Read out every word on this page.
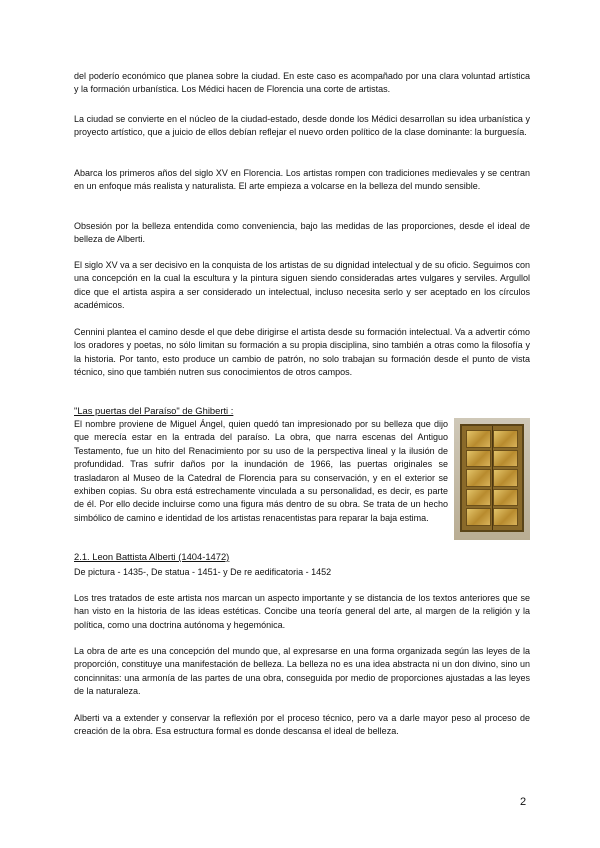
del poderío económico que planea sobre la ciudad. En este caso es acompañado por una clara voluntad artística y la formación urbanística. Los Médici hacen de Florencia una corte de artistas.

La ciudad se convierte en el núcleo de la ciudad-estado, desde donde los Médici desarrollan su idea urbanística y proyecto artístico, que a juicio de ellos debían reflejar el nuevo orden político de la clase dominante: la burguesía.

Abarca los primeros años del siglo XV en Florencia. Los artistas rompen con tradiciones medievales y se centran en un enfoque más realista y naturalista. El arte empieza a volcarse en la belleza del mundo sensible.

Obsesión por la belleza entendida como conveniencia, bajo las medidas de las proporciones, desde el ideal de belleza de Alberti.

El siglo XV va a ser decisivo en la conquista de los artistas de su dignidad intelectual y de su oficio. Seguimos con una concepción en la cual la escultura y la pintura siguen siendo consideradas artes vulgares y serviles. Argullol dice que el artista aspira a ser considerado un intelectual, incluso necesita serlo y ser aceptado en los círculos académicos.

Cennini plantea el camino desde el que debe dirigirse el artista desde su formación intelectual. Va a advertir cómo los oradores y poetas, no sólo limitan su formación a su propia disciplina, sino también a otras como la filosofía y la historia. Por tanto, esto produce un cambio de patrón, no solo trabajan su formación desde el punto de vista técnico, sino que también nutren sus conocimientos de otros campos.

"Las puertas del Paraíso" de Ghiberti :

El nombre proviene de Miguel Ángel, quien quedó tan impresionado por su belleza que dijo que merecía estar en la entrada del paraíso. La obra, que narra escenas del Antiguo Testamento, fue un hito del Renacimiento por su uso de la perspectiva lineal y la ilusión de profundidad. Tras sufrir daños por la inundación de 1966, las puertas originales se trasladaron al Museo de la Catedral de Florencia para su conservación, y en el exterior se exhiben copias. Su obra está estrechamente vinculada a su personalidad, es decir, es parte de él. Por ello decide incluirse como una figura más dentro de su obra. Se trata de un hecho simbólico de camino e identidad de los artistas renacentistas para reparar la baja estima.

2.1. Leon Battista Alberti (1404-1472)

De pictura - 1435-, De statua - 1451- y De re aedificatoria - 1452

Los tres tratados de este artista nos marcan un aspecto importante y se distancia de los textos anteriores que se han visto en la historia de las ideas estéticas. Concibe una teoría general del arte, al margen de la religión y la política, como una doctrina autónoma y hegemónica.

La obra de arte es una concepción del mundo que, al expresarse en una forma organizada según las leyes de la proporción, constituye una manifestación de belleza. La belleza no es una idea abstracta ni un don divino, sino un concinnitas: una armonía de las partes de una obra, conseguida por medio de proporciones ajustadas a las leyes de la naturaleza.

Alberti va a extender y conservar la reflexión por el proceso técnico, pero va a darle mayor peso al proceso de creación de la obra. Esa estructura formal es donde descansa el ideal de belleza.

2
